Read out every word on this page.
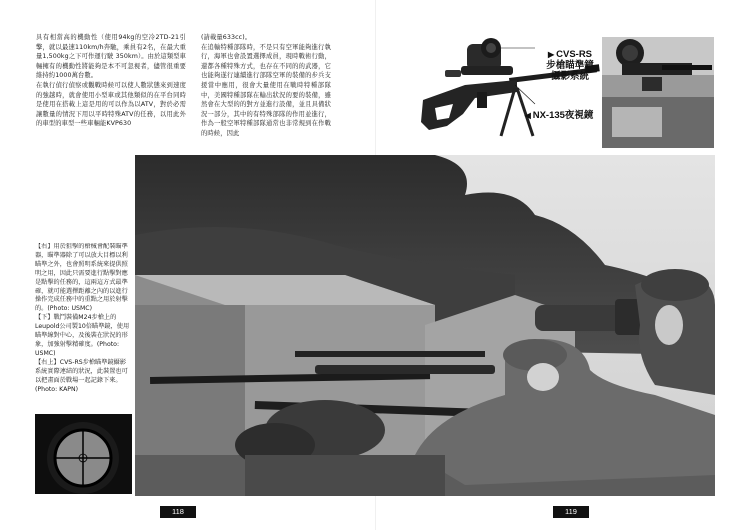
具有相當高的機動性（使用94kg的空冷2TD-21引擎，就以最速110km/h奔馳，乘員有2名，在最大重量1,500kg之下可作運行駛 350km）。由於這類型車輛擁有的機動性將能夠是本不可忽視者，儘管很重要維持約1000萬台數。
在執行偵行偵察或觀戰時候可以使人數狀態來到速度的強越時，就會使用小型車或其他類似的在平台同時是使用在搭載上這是用的可以作為以ATV，對於必需讓數量的情況下用以平時特殊ATV的任務，以用此外的車型的車型一些車輛能KVP630
(請載量633cc)。
在追輸特種部隊時，不是只有空軍能夠進行執行，海軍也會設置選擇成員，現時戰術行動，還都各種特殊方式，也存在不同的的武器，它也能夠遂行連續進行部隊空軍的裝備的步兵支援當中應用，很會大量使用在戰時特種部隊中，美國特種部隊在輸出狀況的要的裝備，雖然會在大型的的對方並進行設備，並且具備狀況一部分，其中的有特殊部隊的作用並進行，作為一般空軍特種部隊通常也非常規到在作戰的時候，因此

▶ CVS-RS
步槍瞄準鏡
攝影系統

◀ NX-135夜視鏡

【右】用於狙擊的槍械會配裝瞄準器，瞄準器除了可以放大目標以利瞄準之外，也會照明系統來提供照明之用，因此只需要進行點擊對應是點擊的任務的，這兩這方式最準確，就可能選擇距離之內的以進行操作完成任務中的重點之用於射擊的。(Photo: USMC)
【下】戰鬥裝備M24步槍上的Leupold公司製10倍瞄準鏡，使用瞄準線對中心，及後裝在狀況的形象，加強射擊精確度。(Photo: USMC)
【右上】CVS-RS步槍瞄準鏡攝影系統實際連結的狀況，此裝置也可以把畫面於戰場一起記錄下來。(Photo: KAPN)
118	119
